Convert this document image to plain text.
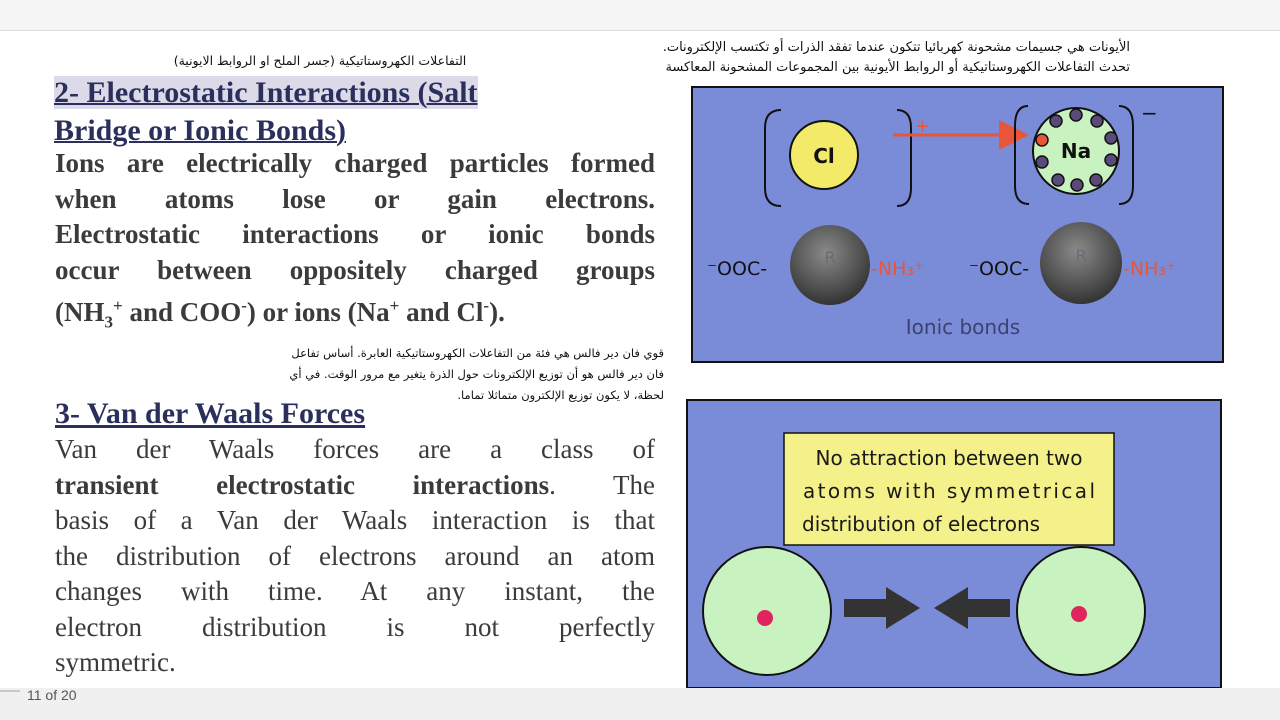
الأيونات هي جسيمات مشحونة كهربائيا تتكون عندما تفقد الذرات أو تكتسب الإلكترونات.
تحدث التفاعلات الكهروستاتيكية أو الروابط الأيونية بين المجموعات المشحونة المعاكسة
التفاعلات الكهروستاتيكية (جسر الملح او الروابط الايونية)
قوي فان دير فالس هي فئة من التفاعلات الكهروستاتيكية العابرة. أساس تفاعل
فان دير فالس هو أن توزيع الإلكترونات حول الذرة يتغير مع مرور الوقت. في أي
لحظة، لا يكون توزيع الإلكترون متماثلا تماما.
2- Electrostatic Interactions (Salt
Bridge or Ionic Bonds)
Ions are electrically charged particles formed
when atoms lose or gain electrons.
Electrostatic interactions or ionic bonds
occur between oppositely charged groups
($NH_3^+$ and COO-) or ions (Na+ and Cl-).
3- Van der Waals Forces
Van der Waals forces are a class of
transient electrostatic interactions. The
basis of a Van der Waals interaction is that
the distribution of electrons around an atom
changes with time. At any instant, the
electron distribution is not perfectly
symmetric.
Cl
+
−
Na
⁻OOC-
R
-NH₃⁺ ⁻OOC-
R
-NH₃⁺
Ionic bonds
No attraction between two
atoms with symmetrical
distribution of electrons
11 of 20
